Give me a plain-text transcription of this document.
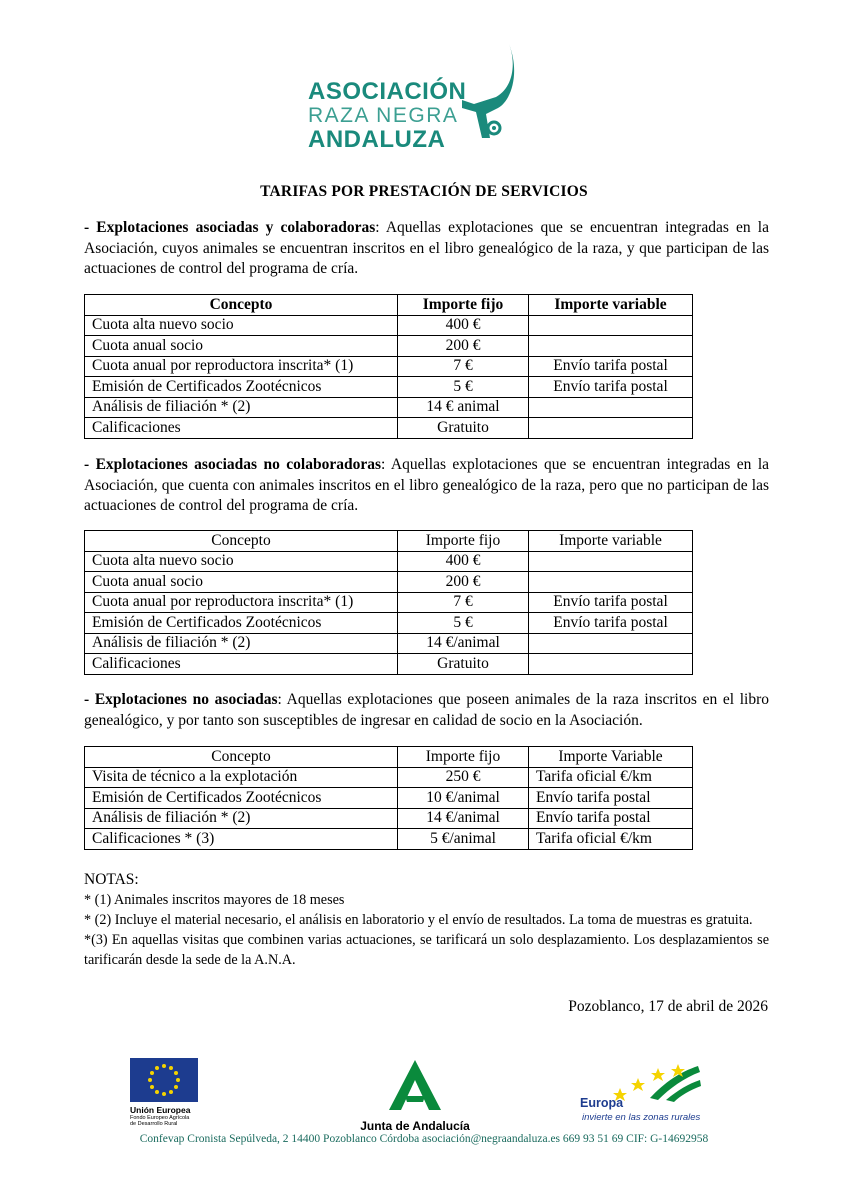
ASOCIACIÓN
RAZA NEGRA
ANDALUZA
TARIFAS POR PRESTACIÓN DE SERVICIOS
- Explotaciones asociadas y colaboradoras: Aquellas explotaciones que se encuentran integradas en la Asociación, cuyos animales se encuentran inscritos en el libro genealógico de la raza, y que participan de las actuaciones de control del programa de cría.
Concepto	Importe fijo	Importe variable
Cuota alta nuevo socio	400 €	
Cuota anual socio	200 €	
Cuota anual por reproductora inscrita* (1)	7 €	Envío tarifa postal
Emisión de Certificados Zootécnicos	5 €	Envío tarifa postal
Análisis de filiación * (2)	14 € animal	
Calificaciones	Gratuito	
- Explotaciones asociadas no colaboradoras: Aquellas explotaciones que se encuentran integradas en la Asociación, que cuenta con animales inscritos en el libro genealógico de la raza, pero que no participan de las actuaciones de control del programa de cría.
Concepto	Importe fijo	Importe variable
Cuota alta nuevo socio	400 €	
Cuota anual socio	200 €	
Cuota anual por reproductora inscrita* (1)	7 €	Envío tarifa postal
Emisión de Certificados Zootécnicos	5 €	Envío tarifa postal
Análisis de filiación * (2)	14 €/animal	
Calificaciones	Gratuito	
- Explotaciones no asociadas: Aquellas explotaciones que poseen animales de la raza inscritos en el libro genealógico, y por tanto son susceptibles de ingresar en calidad de socio en la Asociación.
Concepto	Importe fijo	Importe Variable
Visita de técnico a la explotación	250 €	Tarifa oficial €/km
Emisión de Certificados Zootécnicos	10 €/animal	Envío tarifa postal
Análisis de filiación * (2)	14 €/animal	Envío tarifa postal
Calificaciones * (3)	5 €/animal	Tarifa oficial €/km
NOTAS:
* (1) Animales inscritos mayores de 18 meses
* (2) Incluye el material necesario, el análisis en laboratorio y el envío de resultados. La toma de muestras es gratuita.
*(3) En aquellas visitas que combinen varias actuaciones, se tarificará un solo desplazamiento. Los desplazamientos se tarificarán desde la sede de la A.N.A.
Pozoblanco, 17 de abril de 2026
Unión Europea
Fondo Europeo Agrícola
de Desarrollo Rural	Junta de Andalucía
Europa
invierte en las zonas rurales
Confevap Cronista Sepúlveda, 2 14400 Pozoblanco Córdoba asociación@negraandaluza.es 669 93 51 69 CIF: G-14692958
